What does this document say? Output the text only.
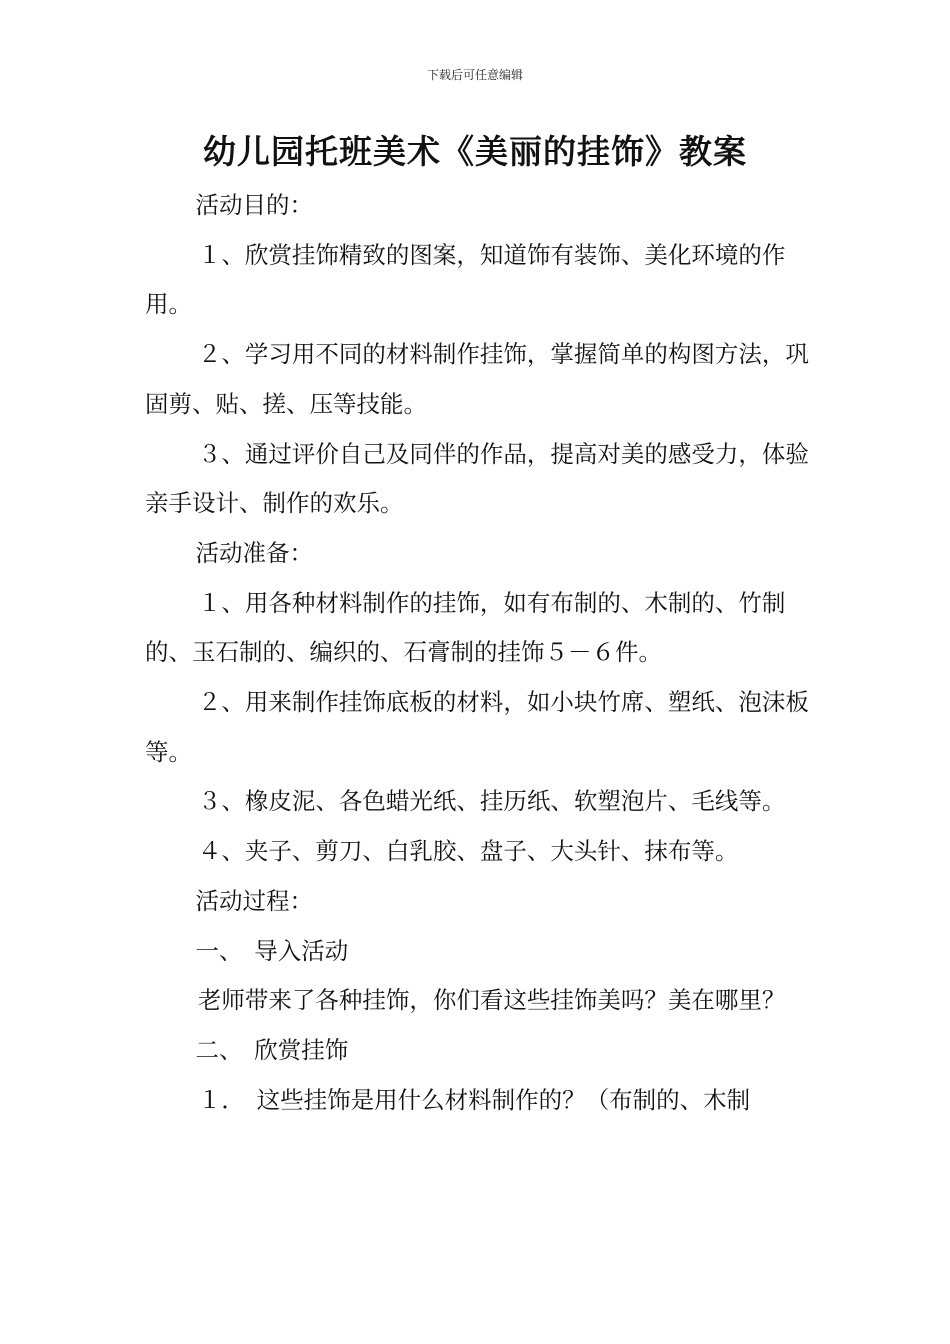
下载后可任意编辑
幼儿园托班美术《美丽的挂饰》教案

活动目的：

１、欣赏挂饰精致的图案，知道饰有装饰、美化环境的作用。

２、学习用不同的材料制作挂饰，掌握简单的构图方法，巩固剪、贴、搓、压等技能。

３、通过评价自己及同伴的作品，提高对美的感受力，体验亲手设计、制作的欢乐。

活动准备：

１、用各种材料制作的挂饰，如有布制的、木制的、竹制的、玉石制的、编织的、石膏制的挂饰５－６件。

２、用来制作挂饰底板的材料，如小块竹席、塑纸、泡沫板等。

３、橡皮泥、各色蜡光纸、挂历纸、软塑泡片、毛线等。

４、夹子、剪刀、白乳胶、盘子、大头针、抹布等。

活动过程：

一、　导入活动

老师带来了各种挂饰，你们看这些挂饰美吗？美在哪里？

二、　欣赏挂饰

１．　这些挂饰是用什么材料制作的？（布制的、木制
